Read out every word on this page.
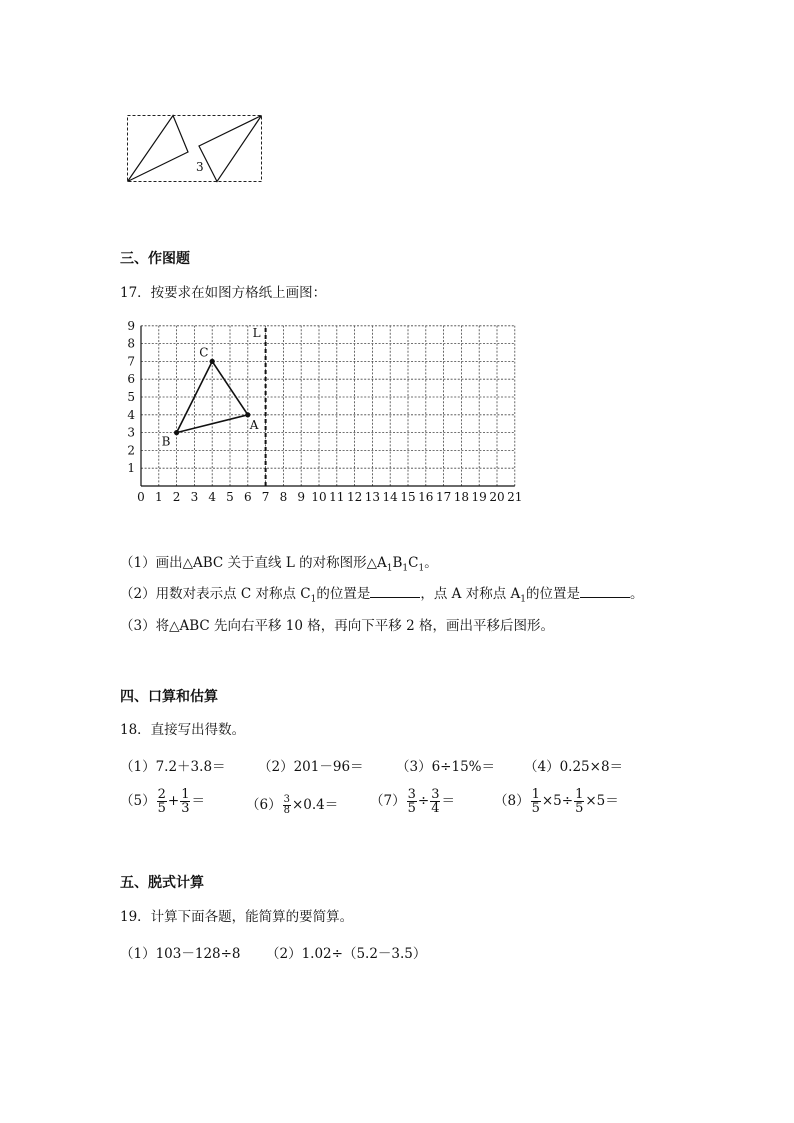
3
三、作图题
17．按要求在如图方格纸上画图：
0 1 2 3 4 5 6 7 8 9 10 11 12 13 14 15 16 17 18 19 20 21
1
2
3
4
5
6
7
8
9
L
A
B
C
（1）画出△ABC 关于直线 L 的对称图形$\triangle A_1B_1C_1$。
（2）用数对表示点 C 对称点 $C_1$的位置是	，点 A 对称点 $A_1$的位置是	。
（3）将△ABC 先向右平移 10 格，再向下平移 2 格，画出平移后图形。
四、口算和估算
18．直接写出得数。
（1）7.2＋3.8＝ （2）201－96＝ （3）6÷15%＝ （4）0.25×8＝
$(5) \frac{2}{5} + \frac{1}{3}$ ＝	$(6) \frac{3}{8} \times 0.4= (7) \frac{3}{5} \div \frac{3}{4}$ ＝	$(8) \frac{1}{5} \times 5\div \frac{1}{5} \times 5=$
五、脱式计算
19．计算下面各题，能简算的要简算。
（1）103－128÷8 （2）1.02÷（5.2－3.5）
